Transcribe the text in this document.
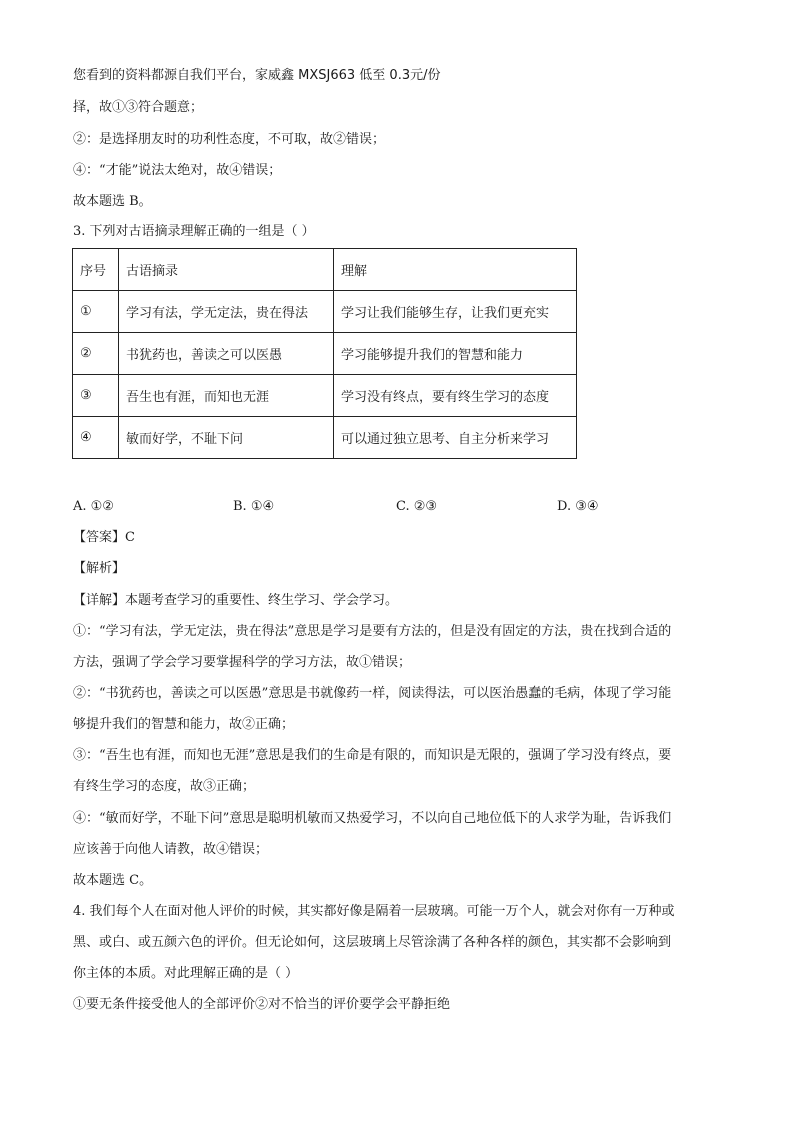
您看到的资料都源自我们平台，家威鑫 MXSJ663 低至 0.3元/份
择，故①③符合题意；
②：是选择朋友时的功利性态度，不可取，故②错误；
④：“才能”说法太绝对，故④错误；
故本题选 B。
3. 下列对古语摘录理解正确的一组是（ ）
序号	古语摘录	理解
①	学习有法，学无定法，贵在得法	学习让我们能够生存，让我们更充实
②	书犹药也，善读之可以医愚	学习能够提升我们的智慧和能力
③	吾生也有涯，而知也无涯	学习没有终点，要有终生学习的态度
④	敏而好学，不耻下问	可以通过独立思考、自主分析来学习
A. ①②	B. ①④	C. ②③	D. ③④
【答案】C
【解析】
【详解】本题考查学习的重要性、终生学习、学会学习。
①：“学习有法，学无定法，贵在得法”意思是学习是要有方法的，但是没有固定的方法，贵在找到合适的
方法，强调了学会学习要掌握科学的学习方法，故①错误；
②：“书犹药也，善读之可以医愚”意思是书就像药一样，阅读得法，可以医治愚蠢的毛病，体现了学习能
够提升我们的智慧和能力，故②正确；
③：“吾生也有涯，而知也无涯”意思是我们的生命是有限的，而知识是无限的，强调了学习没有终点，要
有终生学习的态度，故③正确；
④：“敏而好学，不耻下问”意思是聪明机敏而又热爱学习，不以向自己地位低下的人求学为耻，告诉我们
应该善于向他人请教，故④错误；
故本题选 C。
4. 我们每个人在面对他人评价的时候，其实都好像是隔着一层玻璃。可能一万个人，就会对你有一万种或
黑、或白、或五颜六色的评价。但无论如何，这层玻璃上尽管涂满了各种各样的颜色，其实都不会影响到
你主体的本质。对此理解正确的是（ ）
①要无条件接受他人的全部评价②对不恰当的评价要学会平静拒绝
